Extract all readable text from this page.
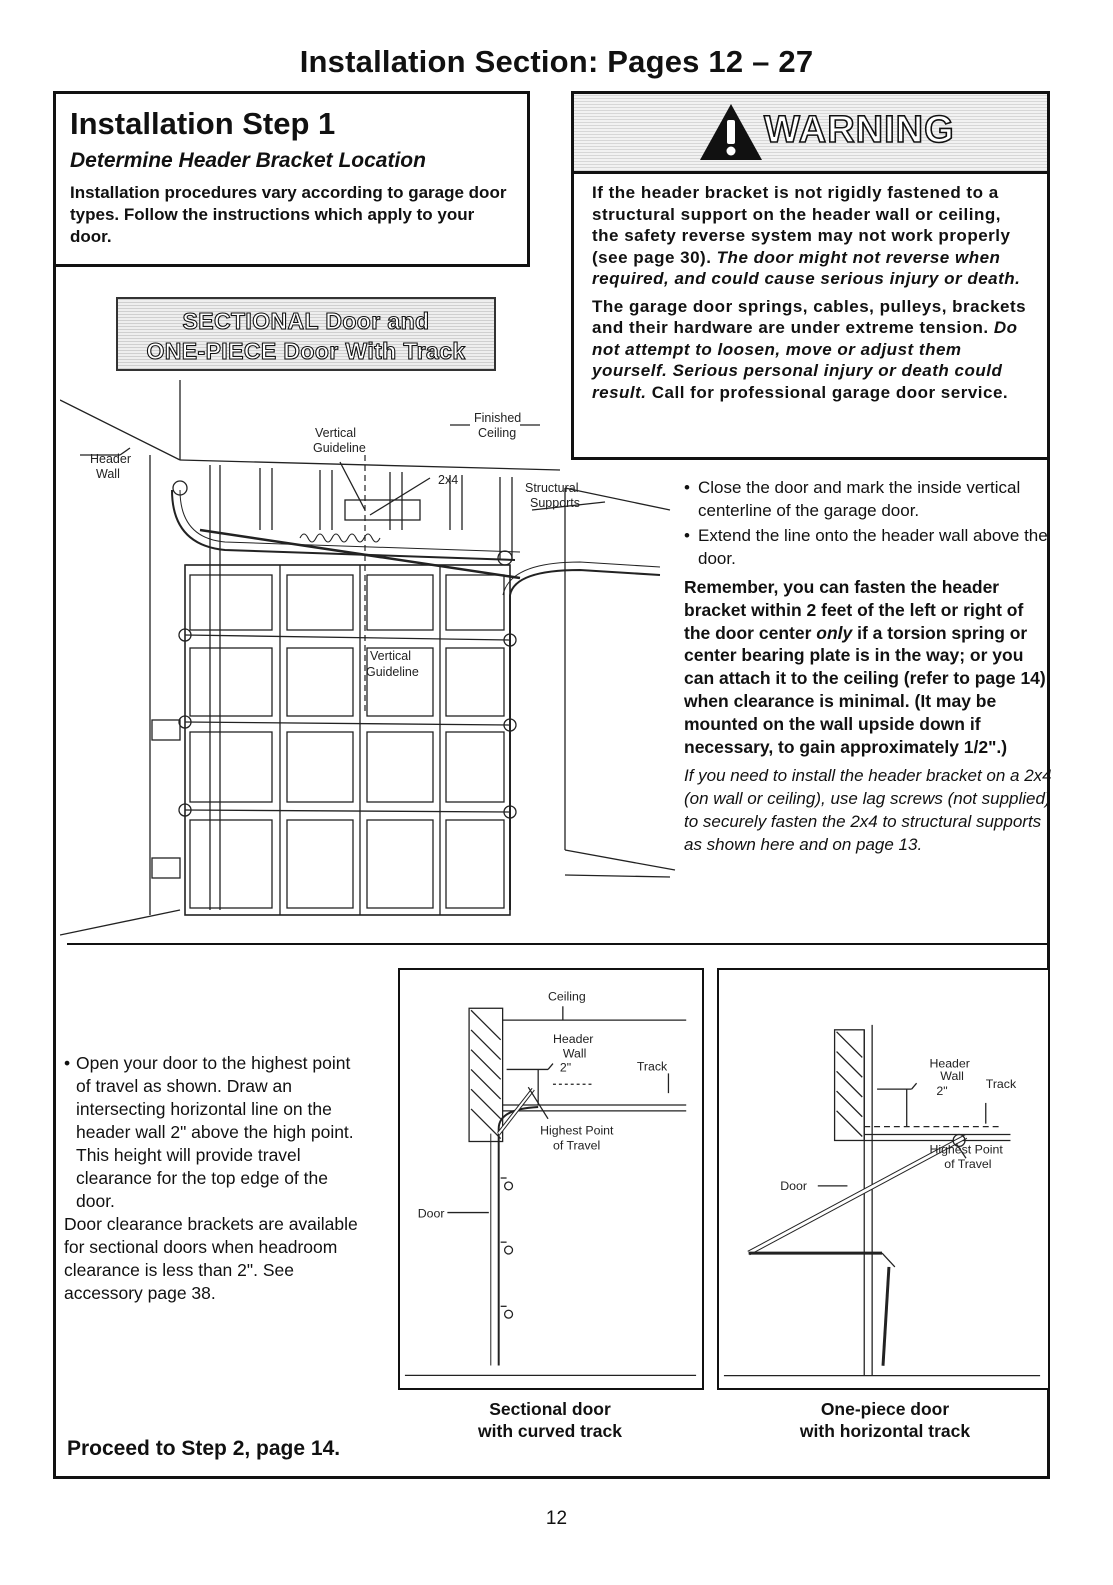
Installation Section: Pages 12 – 27
Installation Step 1
Determine Header Bracket Location
Installation procedures vary according to garage door types. Follow the instructions which apply to your door.
WARNING

If the header bracket is not rigidly fastened to a structural support on the header wall or ceiling, the safety reverse system may not work properly (see page 30). The door might not reverse when required, and could cause serious injury or death.

The garage door springs, cables, pulleys, brackets and their hardware are under extreme tension. Do not attempt to loosen, move or adjust them yourself. Serious personal injury or death could result. Call for professional garage door service.

SECTIONAL Door and
ONE-PIECE Door With Track
Header
Wall
Vertical
Guideline
Finished
Ceiling
2x4
Structural
Supports
Vertical
Guideline
• Close the door and mark the inside vertical centerline of the garage door.
• Extend the line onto the header wall above the door.
Remember, you can fasten the header bracket within 2 feet of the left or right of the door center only if a torsion spring or center bearing plate is in the way; or you can attach it to the ceiling (refer to page 14) when clearance is minimal. (It may be mounted on the wall upside down if necessary, to gain approximately 1/2".)
If you need to install the header bracket on a 2x4 (on wall or ceiling), use lag screws (not supplied) to securely fasten the 2x4 to structural supports as shown here and on page 13.
• Open your door to the highest point of travel as shown. Draw an intersecting horizontal line on the header wall 2" above the high point. This height will provide travel clearance for the top edge of the door.
Door clearance brackets are available for sectional doors when headroom clearance is less than 2". See accessory page 38.
Ceiling
Header
Wall
2"	Track
Highest Point
of Travel
Door
Header
Wall
2"	Track
Highest Point
of Travel
Door
Sectional door
with curved track
One-piece door
with horizontal track
Proceed to Step 2, page 14.
12
